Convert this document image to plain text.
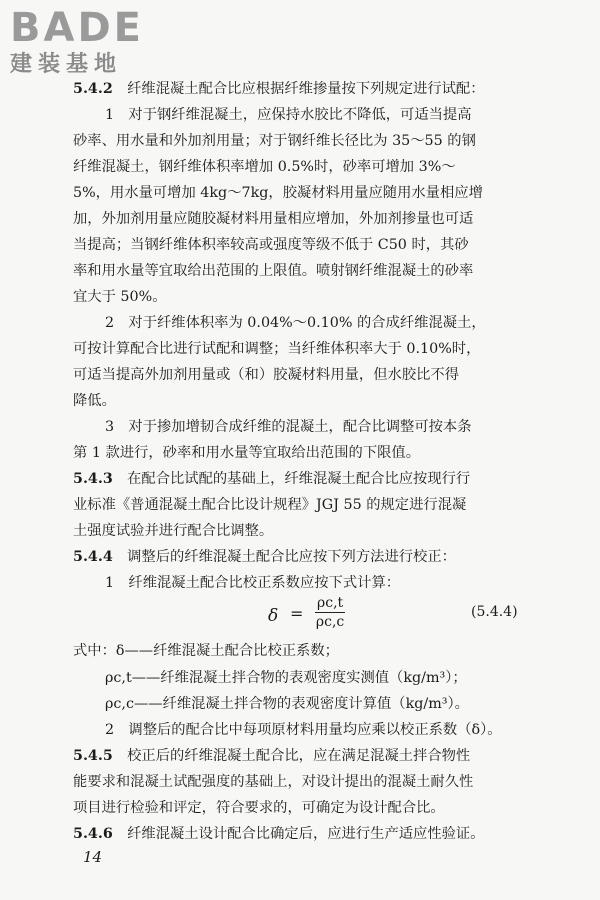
BADE
建装基地
5.4.2　 纤维混凝土配合比应根据纤维掺量按下列规定进行试配：
1　对于钢纤维混凝土，应保持水胶比不降低，可适当提高
砂率、用水量和外加剂用量；对于钢纤维长径比为 35～55 的钢
纤维混凝土，钢纤维体积率增加 0.5%时，砂率可增加 3%～
5%，用水量可增加 4kg～7kg，胶凝材料用量应随用水量相应增
加，外加剂用量应随胶凝材料用量相应增加，外加剂掺量也可适
当提高；当钢纤维体积率较高或强度等级不低于 C50 时，其砂
率和用水量等宜取给出范围的上限值。喷射钢纤维混凝土的砂率
宜大于 50%。
2　对于纤维体积率为 0.04%～0.10% 的合成纤维混凝土，
可按计算配合比进行试配和调整；当纤维体积率大于 0.10%时，
可适当提高外加剂用量或（和）胶凝材料用量，但水胶比不得
降低。
3　对于掺加增韧合成纤维的混凝土，配合比调整可按本条
第 1 款进行，砂率和用水量等宜取给出范围的下限值。
5.4.3　 在配合比试配的基础上，纤维混凝土配合比应按现行行
业标准《普通混凝土配合比设计规程》JGJ 55 的规定进行混凝
土强度试验并进行配合比调整。
5.4.4　 调整后的纤维混凝土配合比应按下列方法进行校正：
1　纤维混凝土配合比校正系数应按下式计算：
$\delta = \frac{\rho c,t}{\rho c,c}$	(5.4.4)
式中：δ——纤维混凝土配合比校正系数；
ρc,t——纤维混凝土拌合物的表观密度实测值（kg/m³）；
ρc,c——纤维混凝土拌合物的表观密度计算值（kg/m³）。
2　调整后的配合比中每项原材料用量均应乘以校正系数（δ）。
5.4.5　 校正后的纤维混凝土配合比，应在满足混凝土拌合物性
能要求和混凝土试配强度的基础上，对设计提出的混凝土耐久性
项目进行检验和评定，符合要求的，可确定为设计配合比。
5.4.6　 纤维混凝土设计配合比确定后，应进行生产适应性验证。
14
